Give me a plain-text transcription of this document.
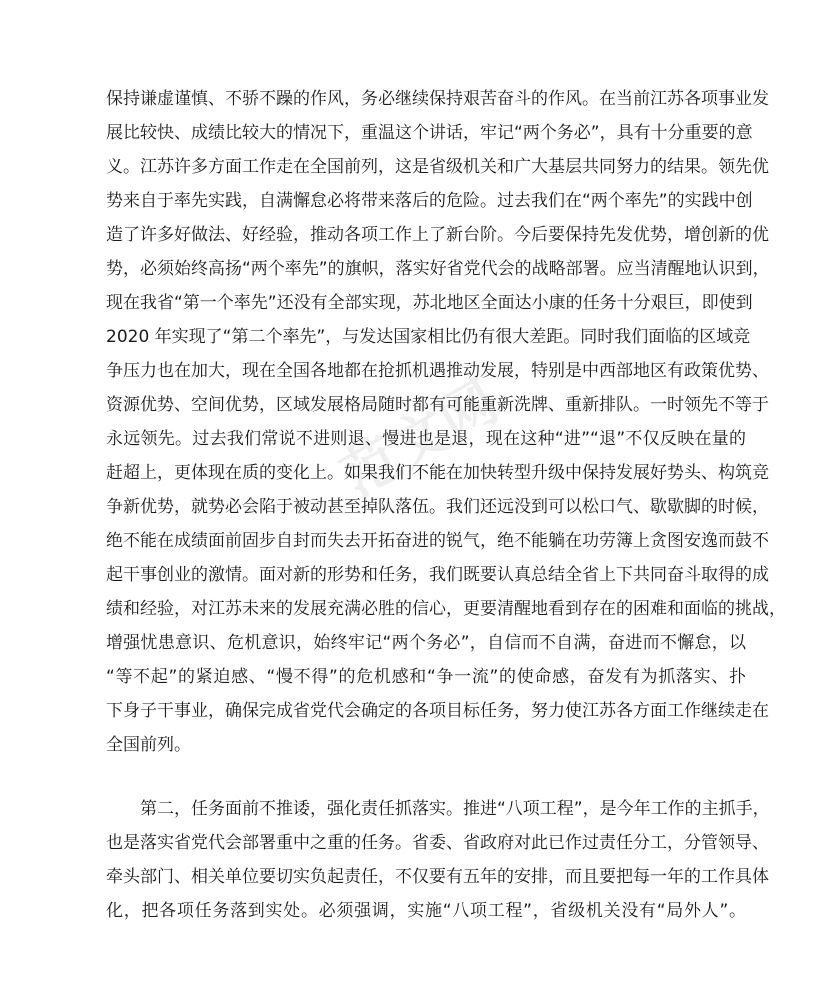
范文网
保持谦虚谨慎、不骄不躁的作风，务必继续保持艰苦奋斗的作风。在当前江苏各项事业发
展比较快、成绩比较大的情况下，重温这个讲话，牢记“两个务必”，具有十分重要的意
义。江苏许多方面工作走在全国前列，这是省级机关和广大基层共同努力的结果。领先优
势来自于率先实践，自满懈怠必将带来落后的危险。过去我们在“两个率先”的实践中创
造了许多好做法、好经验，推动各项工作上了新台阶。今后要保持先发优势，增创新的优
势，必须始终高扬“两个率先”的旗帜，落实好省党代会的战略部署。应当清醒地认识到，
现在我省“第一个率先”还没有全部实现，苏北地区全面达小康的任务十分艰巨，即使到
2020 年实现了“第二个率先”，与发达国家相比仍有很大差距。同时我们面临的区域竞
争压力也在加大，现在全国各地都在抢抓机遇推动发展，特别是中西部地区有政策优势、
资源优势、空间优势，区域发展格局随时都有可能重新洗牌、重新排队。一时领先不等于
永远领先。过去我们常说不进则退、慢进也是退，现在这种“进”“退”不仅反映在量的
赶超上，更体现在质的变化上。如果我们不能在加快转型升级中保持发展好势头、构筑竞
争新优势，就势必会陷于被动甚至掉队落伍。我们还远没到可以松口气、歇歇脚的时候，
绝不能在成绩面前固步自封而失去开拓奋进的锐气，绝不能躺在功劳簿上贪图安逸而鼓不
起干事创业的激情。面对新的形势和任务，我们既要认真总结全省上下共同奋斗取得的成
绩和经验，对江苏未来的发展充满必胜的信心，更要清醒地看到存在的困难和面临的挑战，
增强忧患意识、危机意识，始终牢记“两个务必”，自信而不自满，奋进而不懈怠，以
“等不起”的紧迫感、“慢不得”的危机感和“争一流”的使命感，奋发有为抓落实、扑
下身子干事业，确保完成省党代会确定的各项目标任务，努力使江苏各方面工作继续走在
全国前列。
第二，任务面前不推诿，强化责任抓落实。推进“八项工程”，是今年工作的主抓手，
也是落实省党代会部署重中之重的任务。省委、省政府对此已作过责任分工，分管领导、
牵头部门、相关单位要切实负起责任，不仅要有五年的安排，而且要把每一年的工作具体
化，把各项任务落到实处。必须强调，实施“八项工程”，省级机关没有“局外人”。
